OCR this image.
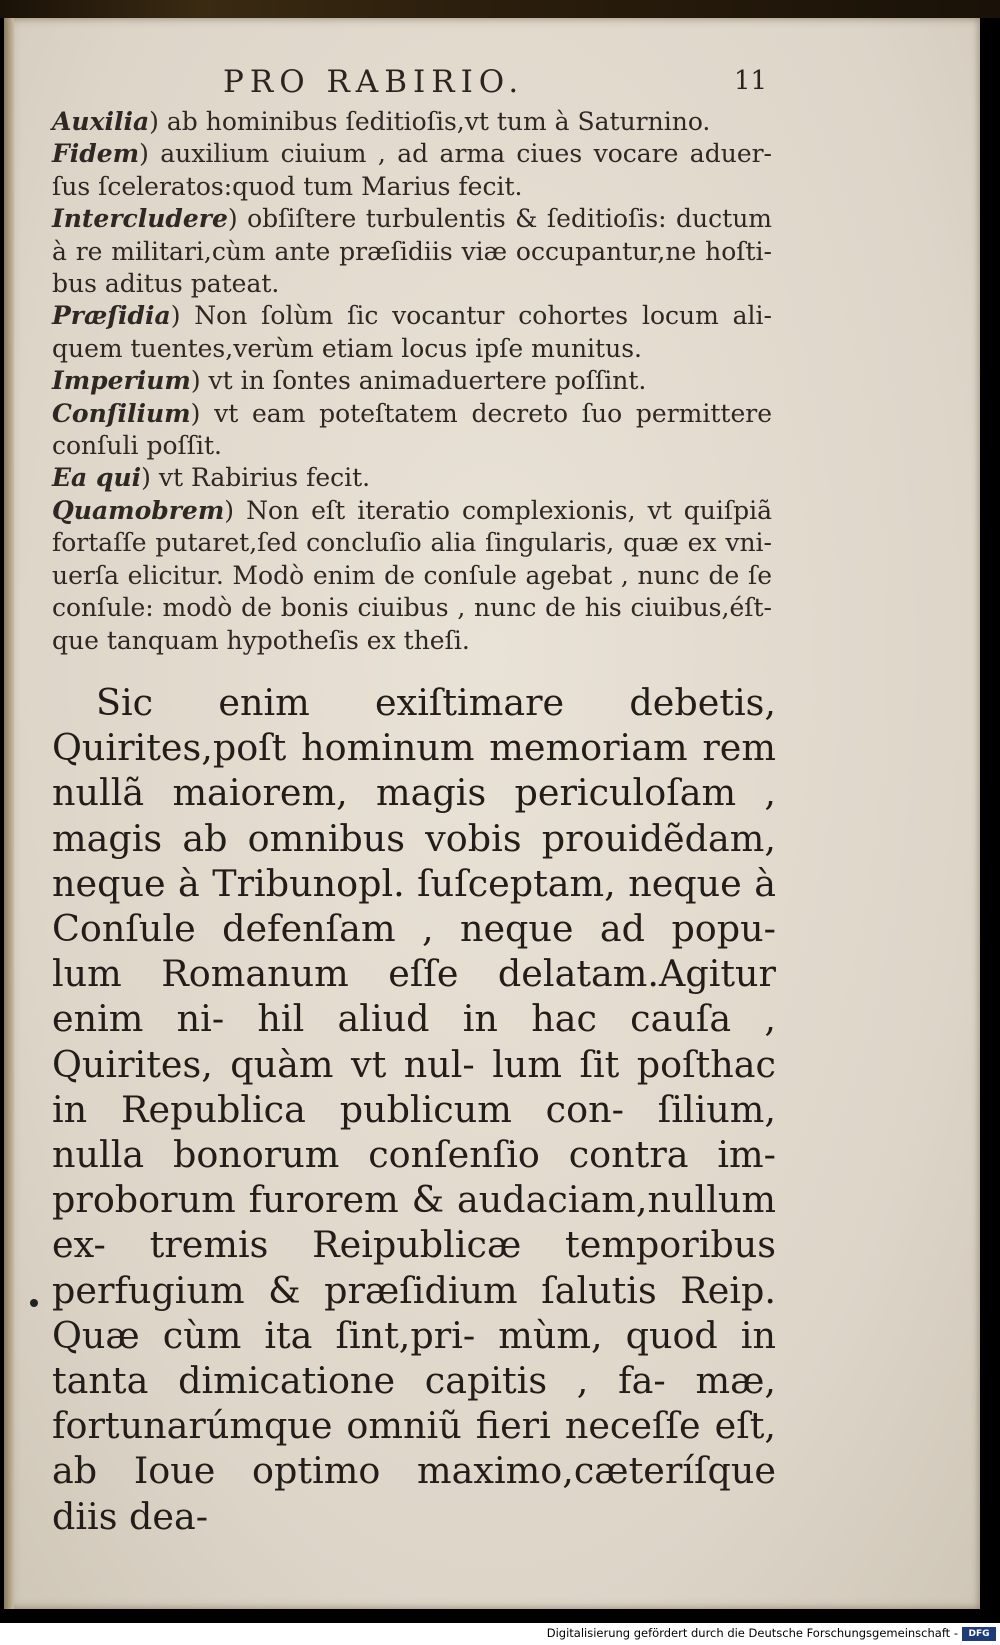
PRO RABIRIO.	11
Auxilia) ab hominibus ſeditioſis,vt tum à Saturnino.
Fidem) auxilium ciuium , ad arma ciues vocare aduer- ſus ſceleratos:quod tum Marius fecit.
Intercludere) obſiſtere turbulentis & ſeditioſis: ductum à re militari,cùm ante præſidiis viæ occupantur,ne hoſti- bus aditus pateat.
Præſidia) Non ſolùm ſic vocantur cohortes locum ali- quem tuentes,verùm etiam locus ipſe munitus.
Imperium) vt in ſontes animaduertere poſſint.
Conſilium) vt eam poteſtatem decreto ſuo permittere conſuli poſſit.
Ea qui) vt Rabirius fecit.
Quamobrem) Non eſt iteratio complexionis, vt quiſpiã fortaſſe putaret,ſed concluſio alia ſingularis, quæ ex vni- uerſa elicitur. Modò enim de conſule agebat , nunc de ſe conſule: modò de bonis ciuibus , nunc de his ciuibus,éſt- que tanquam hypotheſis ex theſi.

Sic enim exiſtimare debetis, Quirites,poſt hominum memoriam rem nullã maiorem, magis periculoſam , magis ab omnibus vobis prouidẽdam, neque à Tribunopl. ſuſceptam, neque à Conſule defenſam , neque ad popu- lum Romanum eſſe delatam.Agitur enim ni- hil aliud in hac cauſa , Quirites, quàm vt nul- lum ſit poſthac in Republica publicum con- ſilium, nulla bonorum conſenſio contra im- proborum furorem & audaciam,nullum ex- tremis Reipublicæ temporibus perfugium & præſidium ſalutis Reip. Quæ cùm ita ſint,pri- mùm, quod in tanta dimicatione capitis , fa- mæ, fortunarúmque omniũ fieri neceſſe eſt, ab Ioue optimo maximo,cæteríſque diis dea-

Digitalisierung gefördert durch die Deutsche Forschungsgemeinschaft -	DFG
